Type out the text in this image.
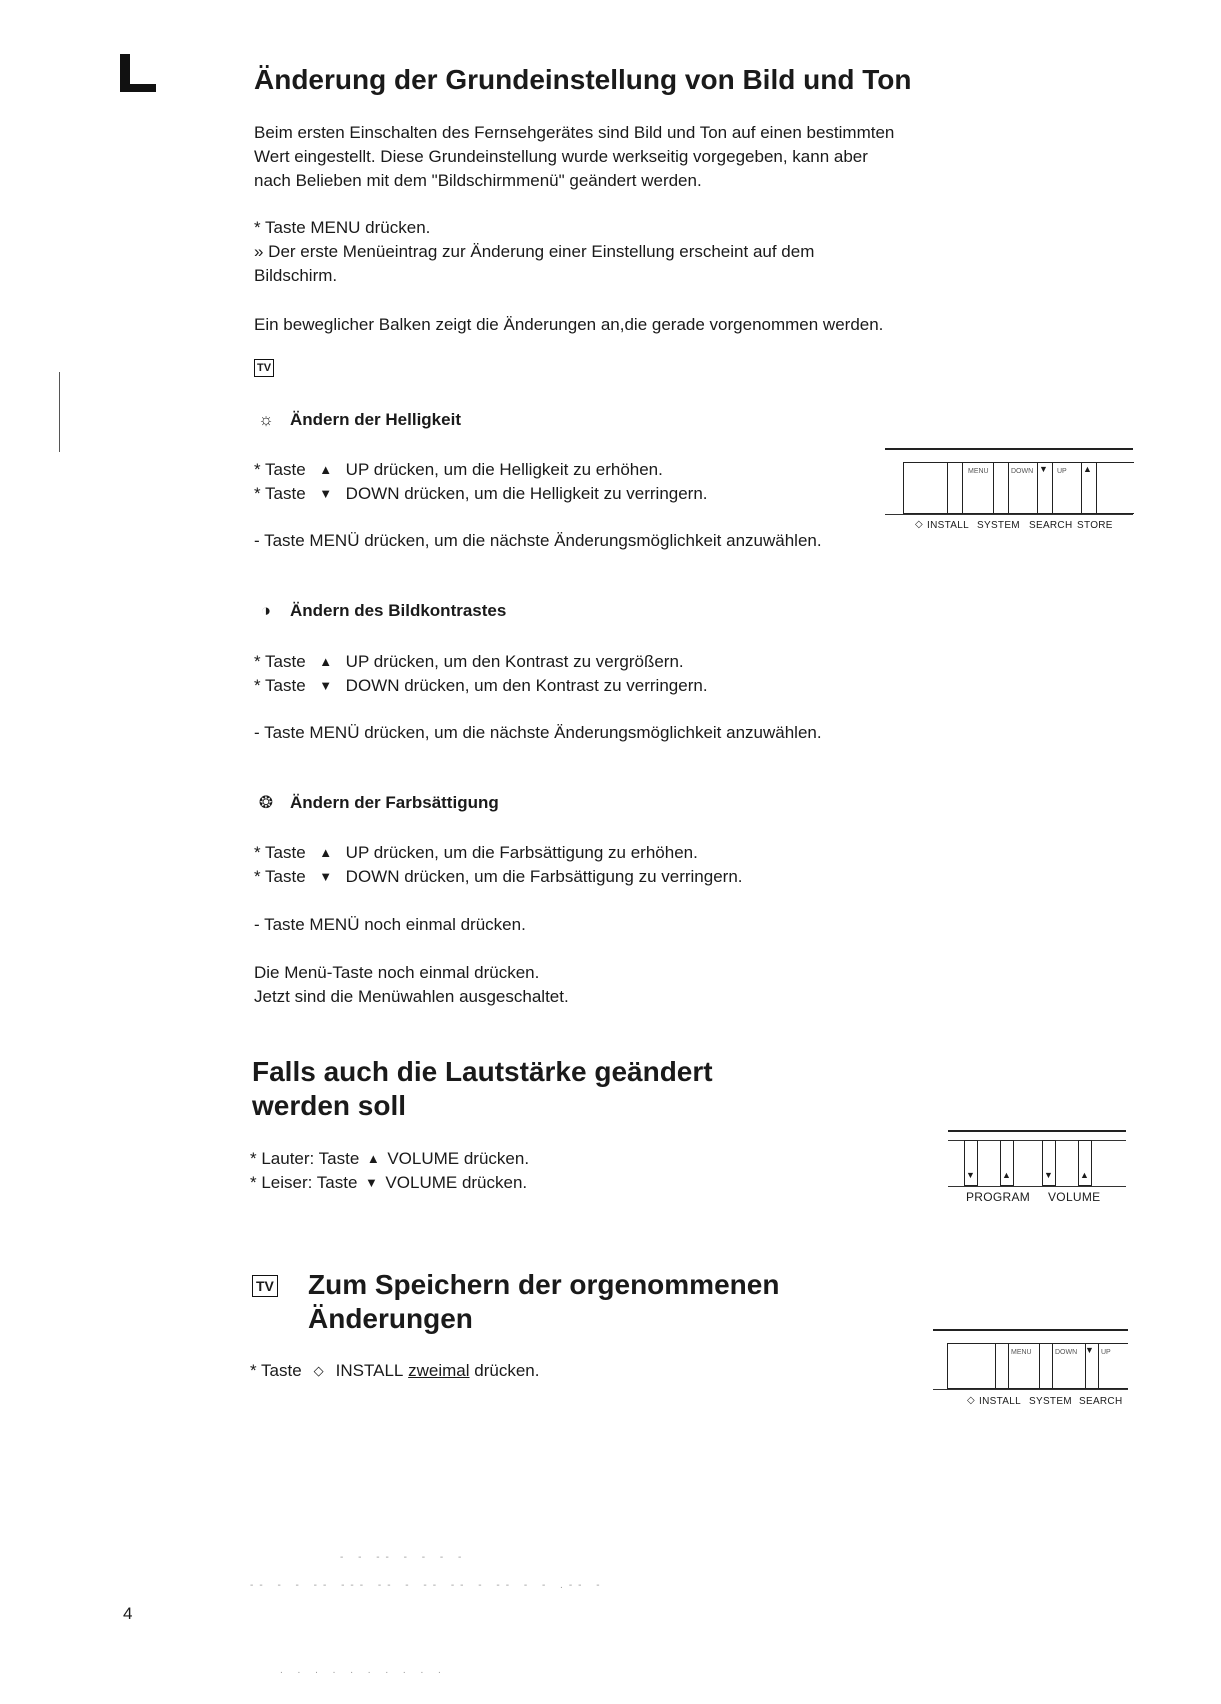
Änderung der Grundeinstellung von Bild und Ton

Beim ersten Einschalten des Fernsehgerätes sind Bild und Ton auf einen bestimmten

Wert eingestellt. Diese Grundeinstellung wurde werkseitig vorgegeben, kann aber

nach Belieben mit dem "Bildschirmmenü" geändert werden.

* Taste MENU drücken.

» Der erste Menüeintrag zur Änderung einer Einstellung erscheint auf dem

Bildschirm.

Ein beweglicher Balken zeigt die Änderungen an,die gerade vorgenommen werden.

TV
☼ Ändern der Helligkeit
* Taste	▲ UP drücken, um die Helligkeit zu erhöhen.
* Taste	▼ DOWN drücken, um die Helligkeit zu verringern.

- Taste MENÜ drücken, um die nächste Änderungsmöglichkeit anzuwählen.

◑	Ändern des Bildkontrastes
* Taste	▲ UP drücken, um den Kontrast zu vergrößern.
* Taste	▼ DOWN drücken, um den Kontrast zu verringern.

- Taste MENÜ drücken, um die nächste Änderungsmöglichkeit anzuwählen.

❂ Ändern der Farbsättigung
* Taste	▲ UP drücken, um die Farbsättigung zu erhöhen.
* Taste	▼ DOWN drücken, um die Farbsättigung zu verringern.

- Taste MENÜ noch einmal drücken.

Die Menü-Taste noch einmal drücken.

Jetzt sind die Menüwahlen ausgeschaltet.

Falls auch die Lautstärke geändert
werden soll
* Lauter: Taste ▲ VOLUME drücken.
* Leiser: Taste ▼ VOLUME drücken.
TV Zum Speichern der orgenommenen
Änderungen
* Taste ◇ INSTALL
zweimal
drücken.
MENU	DOWN ▼ UP ▲
◇ INSTALL SYSTEM SEARCH STORE
▼	▲	▼	▲
PROGRAM VOLUME
MENU	DOWN ▼ UP
◇ INSTALL SYSTEM SEARCH
- - -- - - - -
-- - - -- --- -- - -- -- - -- - - .-- -
. . . . . . . . . .
4
